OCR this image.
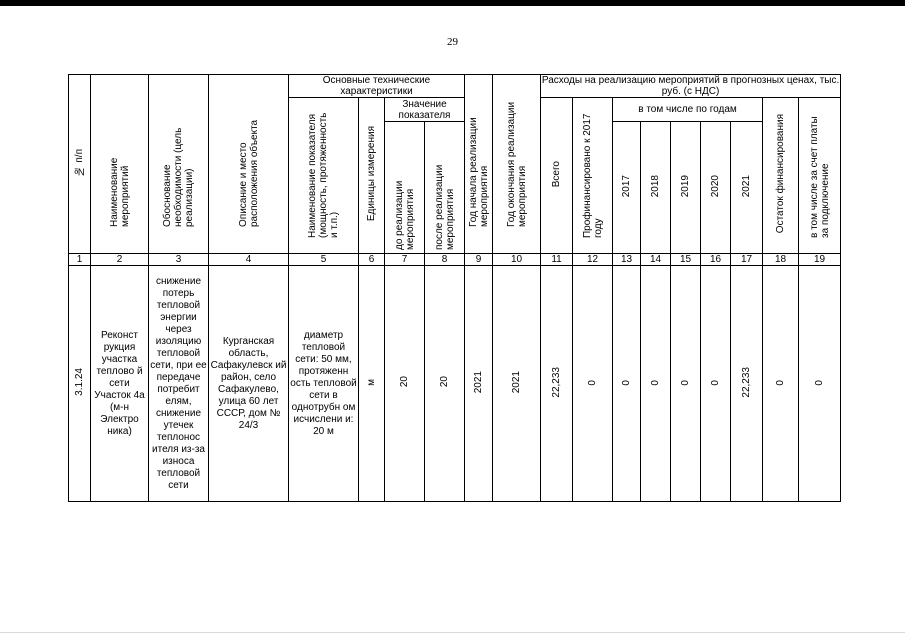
29
№ п/п	Наименование мероприятий	Обоснование необходимости (цель реализации)	Описание и место расположения объекта	Основные технические характеристики				Год начала реализации мероприятия	Год окончания реализации мероприятия	Расходы на реализацию мероприятий в прогнозных ценах, тыс. руб. (с НДС)								
				Наименование показателя (мощность, протяженность и т.п.)	Единицы измерения	Значение показателя				Всего	Профинансировано к 2017 году	в том числе по годам					Остаток финансирования	в том числе за счет платы за подключение
						до реализации мероприятия	после реализации мероприятия					2017	2018	2019	2020	2021		

1	2	3	4	5	6	7	8	9	10	11	12	13	14	15	16	17	18	19
3.1.24	Реконст рукция участка теплово й сети Участок 4а (м-н Электро ника)	снижение потерь тепловой энергии через изоляцию тепловой сети, при ее передаче потребит елям, снижение утечек теплонос ителя из-за износа тепловой сети	Курганская область, Сафакулевск ий район, село Сафакулево, улица 60 лет СССР, дом № 24/3	диаметр тепловой сети: 50 мм, протяженн ость тепловой сети в однотрубн ом исчислени и: 20 м	м	20	20	2021	2021	22,233	0	0	0	0	0	22,233	0	0
